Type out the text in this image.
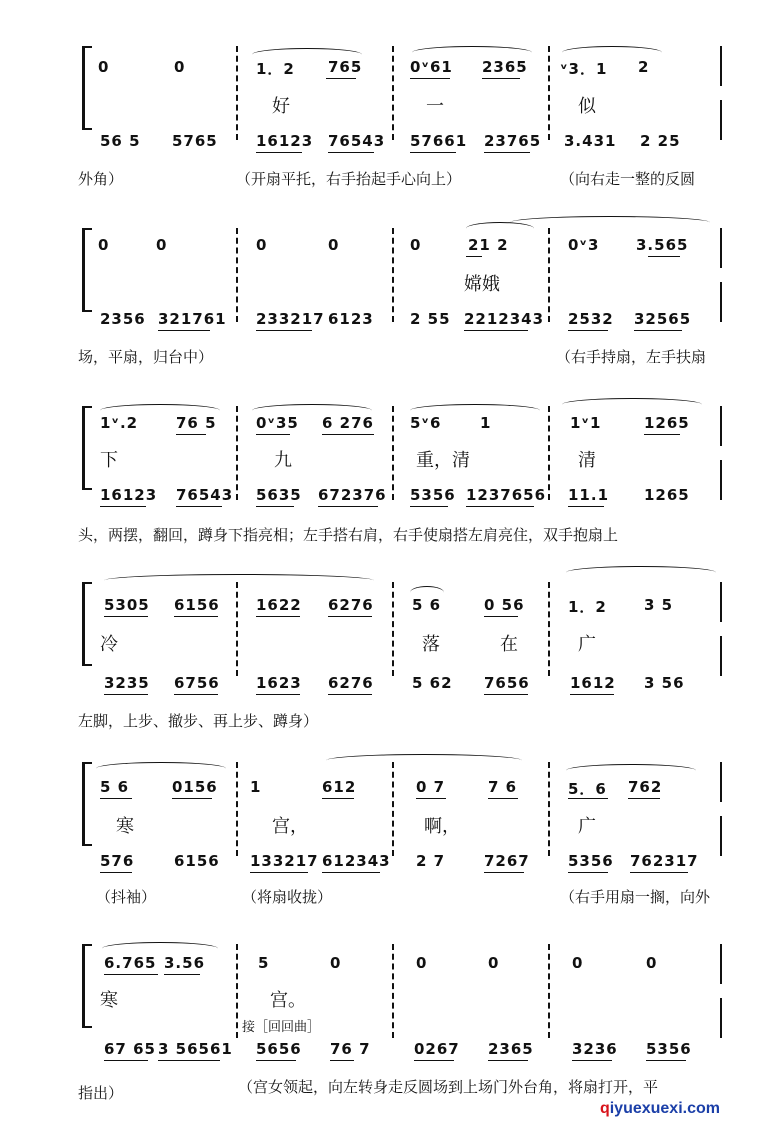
0	0	1．2 765	0ᵛ61 2365 ᵛ3．1 2
好	一	似
56 5 5765	16123 76543 57661 23765 3.431 2 25
外角）	（开扇平托，右手抬起手心向上）	（向右走一整的反圆
0	0	0	0	0	21 2	0ᵛ3 3.565
嫦娥
2356 321761 233217 6123 2 55 2212343 2532 32565
场，平扇，归台中）	（右手持扇，左手扶扇
1ᵛ.2	76 5	0ᵛ35 6 276 5ᵛ6	1	1ᵛ1	1265
下	九	重，清	清
16123 76543 5635 672376 5356 1237656 11.1 1265
头，两摆，翻回，蹲身下指亮相；左手搭右肩，右手使扇搭左肩亮住，双手抱扇上
5305 6156 1622 6276	5 6	0 56	1．2 3 5
冷	落	在	广
3235 6756 1623 6276	5 62 7656	1612 3 56
左脚，上步、撤步、再上步、蹲身）
5 6	0156 1	612	0 7	7 6	5．6 762
寒	宫，	啊，	广
576	6156 133217 612343 2 7	7267	5356 762317
（抖袖）	（将扇收拢）	（右手用扇一搁，向外
6.765 3.56	5	0	0	0	0	0
寒	宫。
接［回回曲］
67 65 3 56561 5656 76 7	0267 2365	3236 5356
指出）	（宫女领起，向左转身走反圆场到上场门外台角，将扇打开，平
qiyuexuexi.com
